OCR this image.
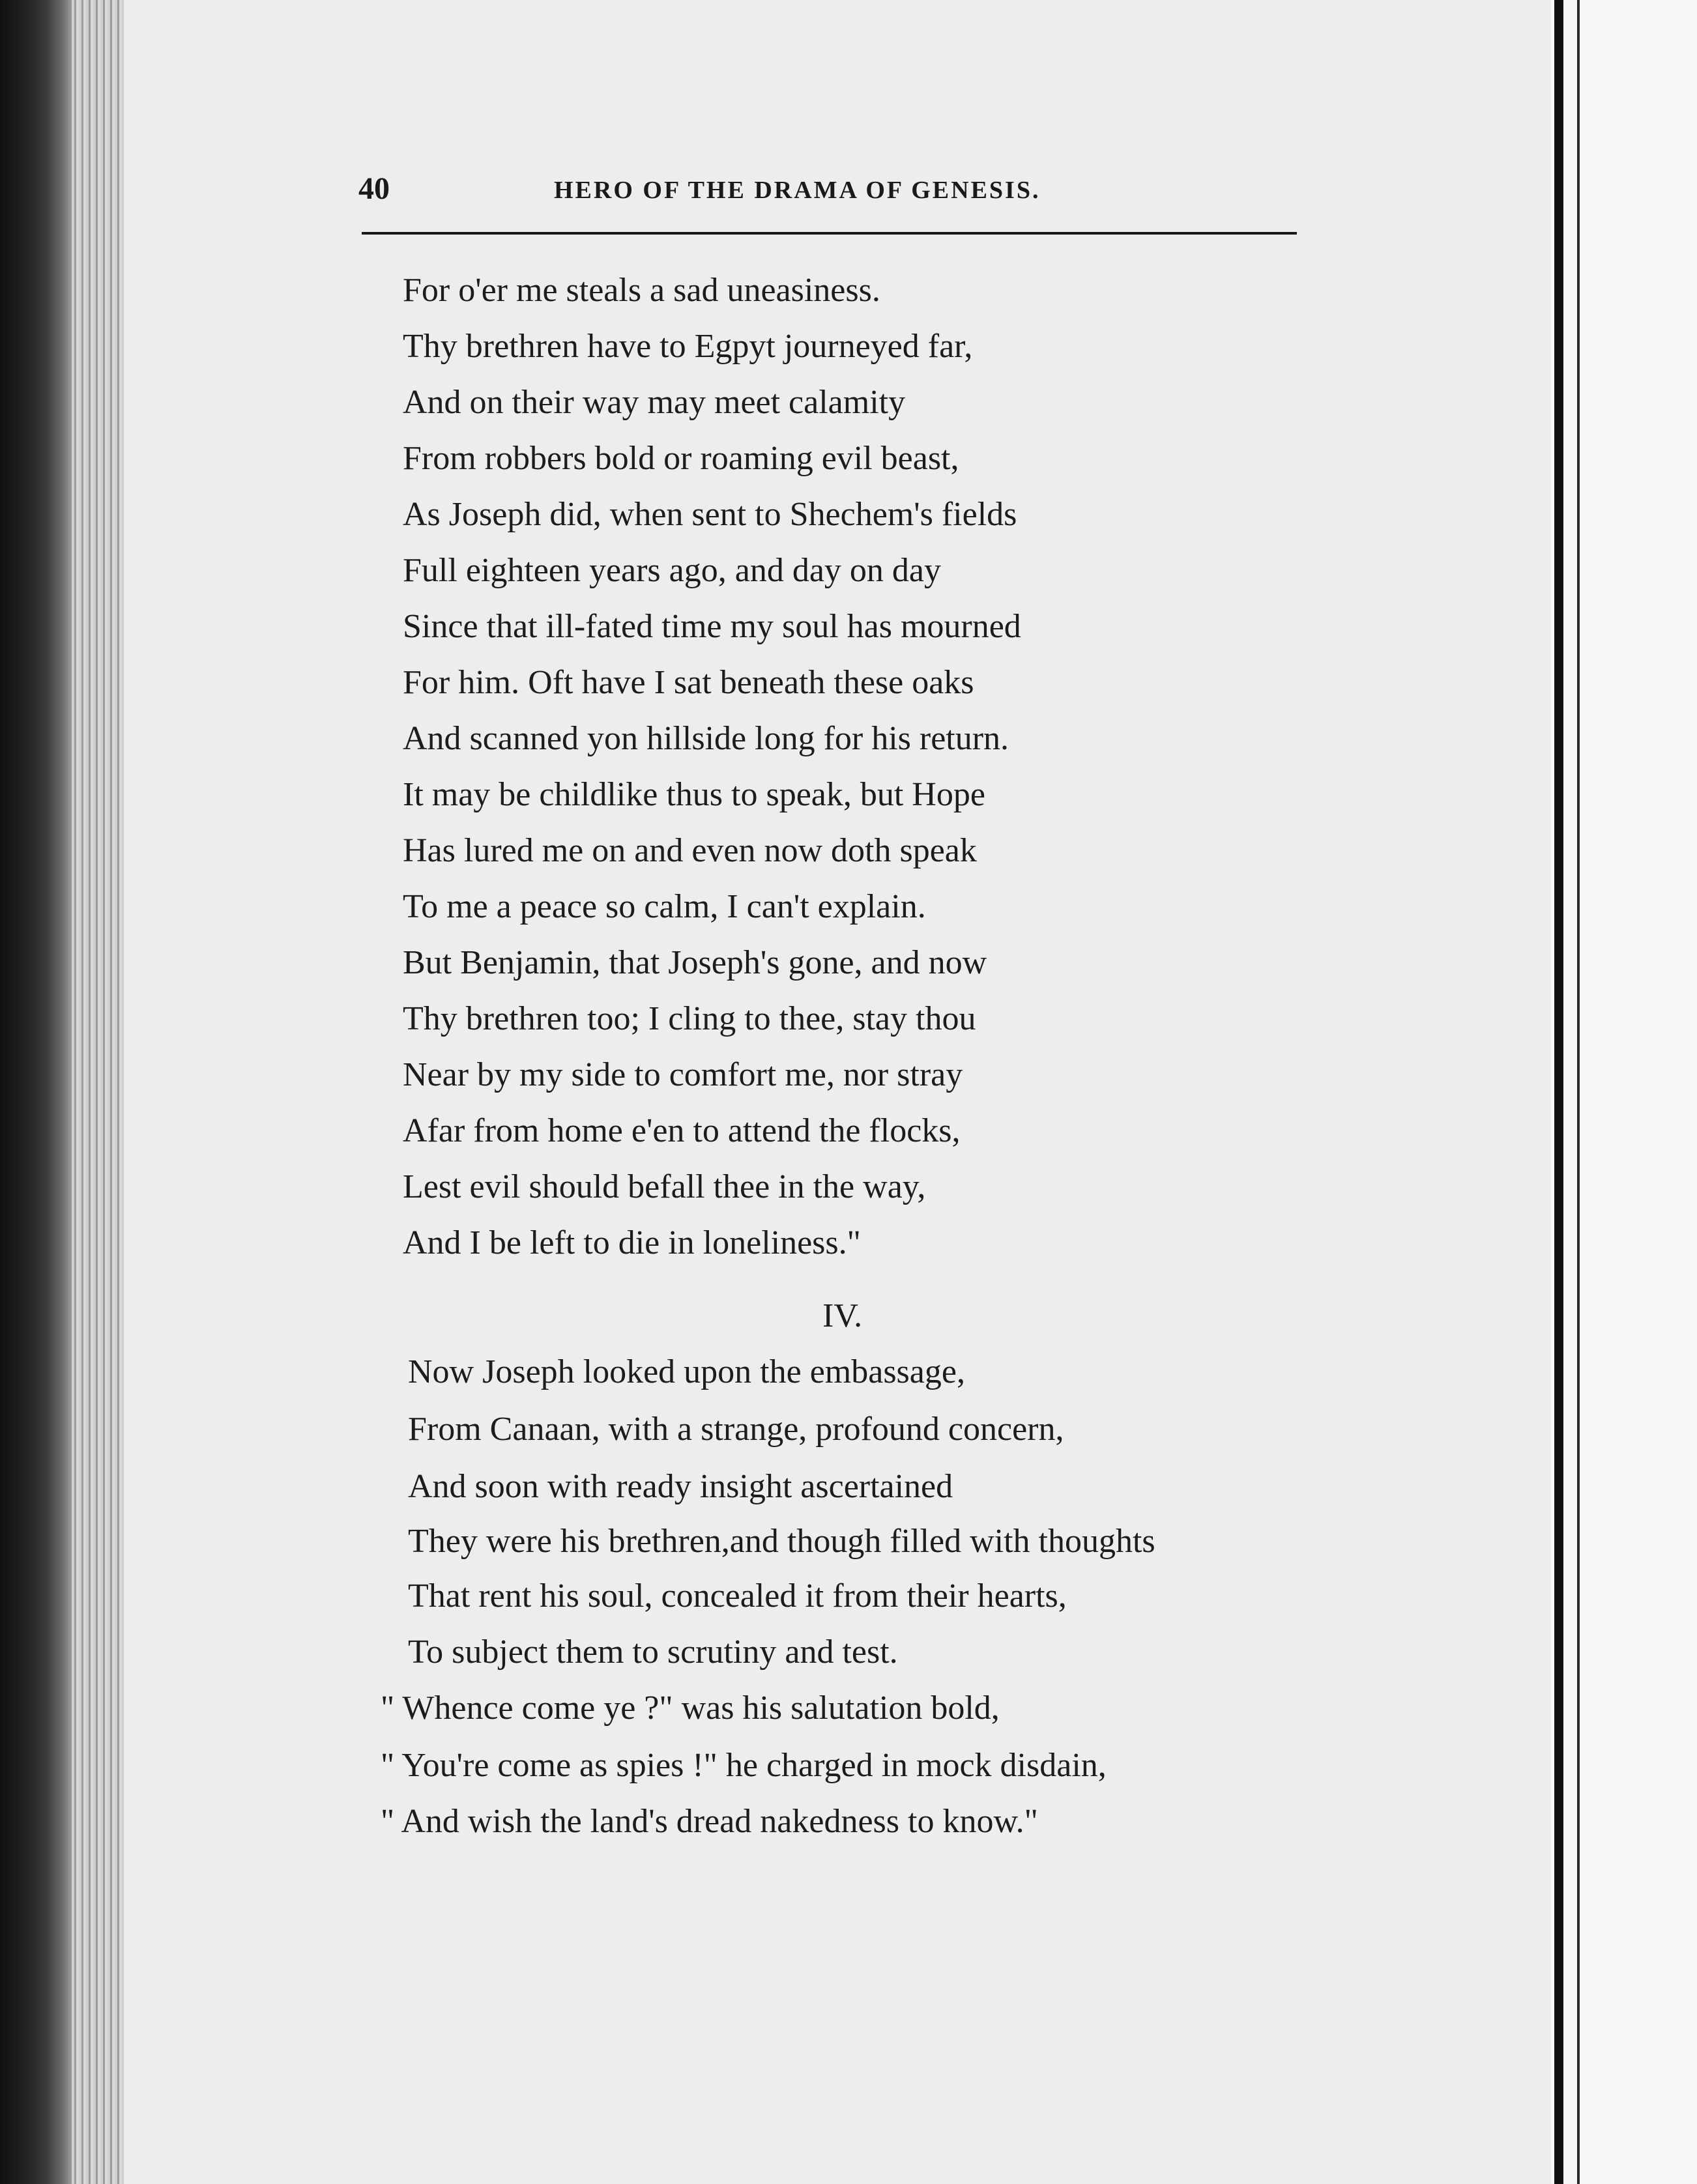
40	HERO OF THE DRAMA OF GENESIS.
For o'er me steals a sad uneasiness.
Thy brethren have to Egpyt journeyed far,
And on their way may meet calamity
From robbers bold or roaming evil beast,
As Joseph did, when sent to Shechem's fields
Full eighteen years ago, and day on day
Since that ill-fated time my soul has mourned
For him. Oft have I sat beneath these oaks
And scanned yon hillside long for his return.
It may be childlike thus to speak, but Hope
Has lured me on and even now doth speak
To me a peace so calm, I can't explain.
But Benjamin, that Joseph's gone, and now
Thy brethren too; I cling to thee, stay thou
Near by my side to comfort me, nor stray
Afar from home e'en to attend the flocks,
Lest evil should befall thee in the way,
And I be left to die in loneliness."
IV.
Now Joseph looked upon the embassage,
From Canaan, with a strange, profound concern,
And soon with ready insight ascertained
They were his brethren,and though filled with thoughts
That rent his soul, concealed it from their hearts,
To subject them to scrutiny and test.
" Whence come ye ?" was his salutation bold,
" You're come as spies !" he charged in mock disdain,
" And wish the land's dread nakedness to know."
